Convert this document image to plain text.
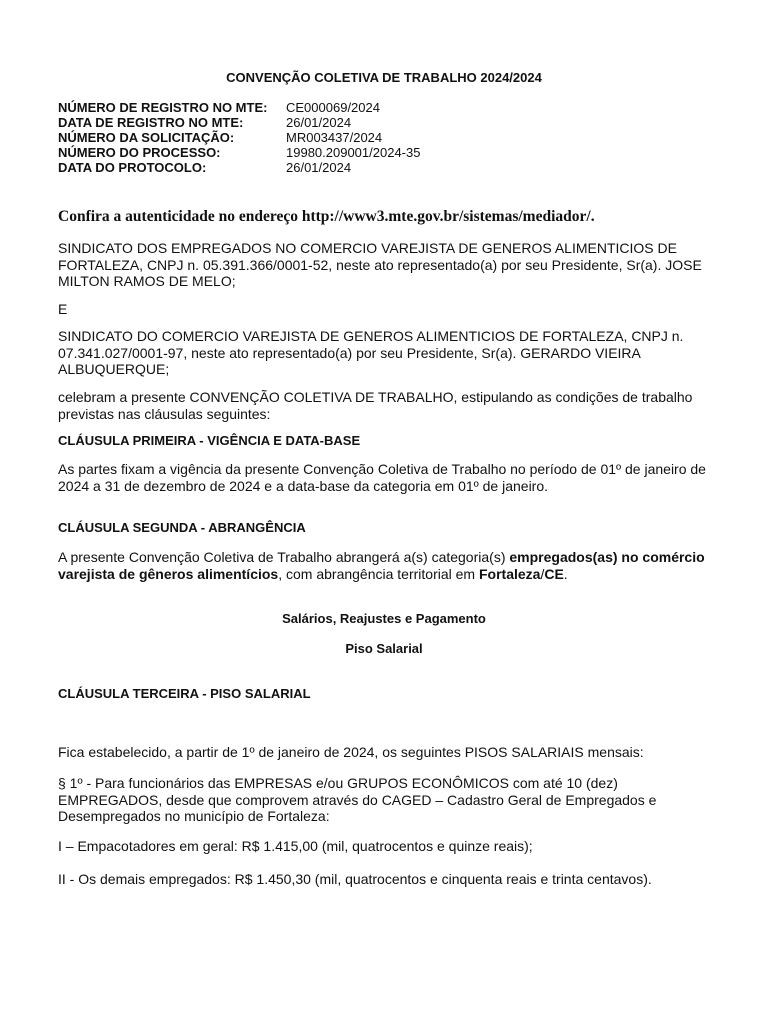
CONVENÇÃO COLETIVA DE TRABALHO 2024/2024
NÚMERO DE REGISTRO NO MTE:	CE000069/2024
DATA DE REGISTRO NO MTE:	26/01/2024
NÚMERO DA SOLICITAÇÃO:	MR003437/2024
NÚMERO DO PROCESSO:	19980.209001/2024-35
DATA DO PROTOCOLO:	26/01/2024
Confira a autenticidade no endereço http://www3.mte.gov.br/sistemas/mediador/.
SINDICATO DOS EMPREGADOS NO COMERCIO VAREJISTA DE GENEROS ALIMENTICIOS DE FORTALEZA, CNPJ n. 05.391.366/0001-52, neste ato representado(a) por seu Presidente, Sr(a). JOSE MILTON RAMOS DE MELO;
E
SINDICATO DO COMERCIO VAREJISTA DE GENEROS ALIMENTICIOS DE FORTALEZA, CNPJ n. 07.341.027/0001-97, neste ato representado(a) por seu Presidente, Sr(a). GERARDO VIEIRA ALBUQUERQUE;
celebram a presente CONVENÇÃO COLETIVA DE TRABALHO, estipulando as condições de trabalho previstas nas cláusulas seguintes:
CLÁUSULA PRIMEIRA - VIGÊNCIA E DATA-BASE
As partes fixam a vigência da presente Convenção Coletiva de Trabalho no período de 01º de janeiro de 2024 a 31 de dezembro de 2024 e a data-base da categoria em 01º de janeiro.
CLÁUSULA SEGUNDA - ABRANGÊNCIA
A presente Convenção Coletiva de Trabalho abrangerá a(s) categoria(s) empregados(as) no comércio varejista de gêneros alimentícios, com abrangência territorial em Fortaleza/CE.
Salários, Reajustes e Pagamento
Piso Salarial
CLÁUSULA TERCEIRA - PISO SALARIAL
Fica estabelecido, a partir de 1º de janeiro de 2024, os seguintes PISOS SALARIAIS mensais:
§ 1º - Para funcionários das EMPRESAS e/ou GRUPOS ECONÔMICOS com até 10 (dez) EMPREGADOS, desde que comprovem através do CAGED – Cadastro Geral de Empregados e Desempregados no município de Fortaleza:
I – Empacotadores em geral: R$ 1.415,00 (mil, quatrocentos e quinze reais);
II - Os demais empregados: R$ 1.450,30 (mil, quatrocentos e cinquenta reais e trinta centavos).
